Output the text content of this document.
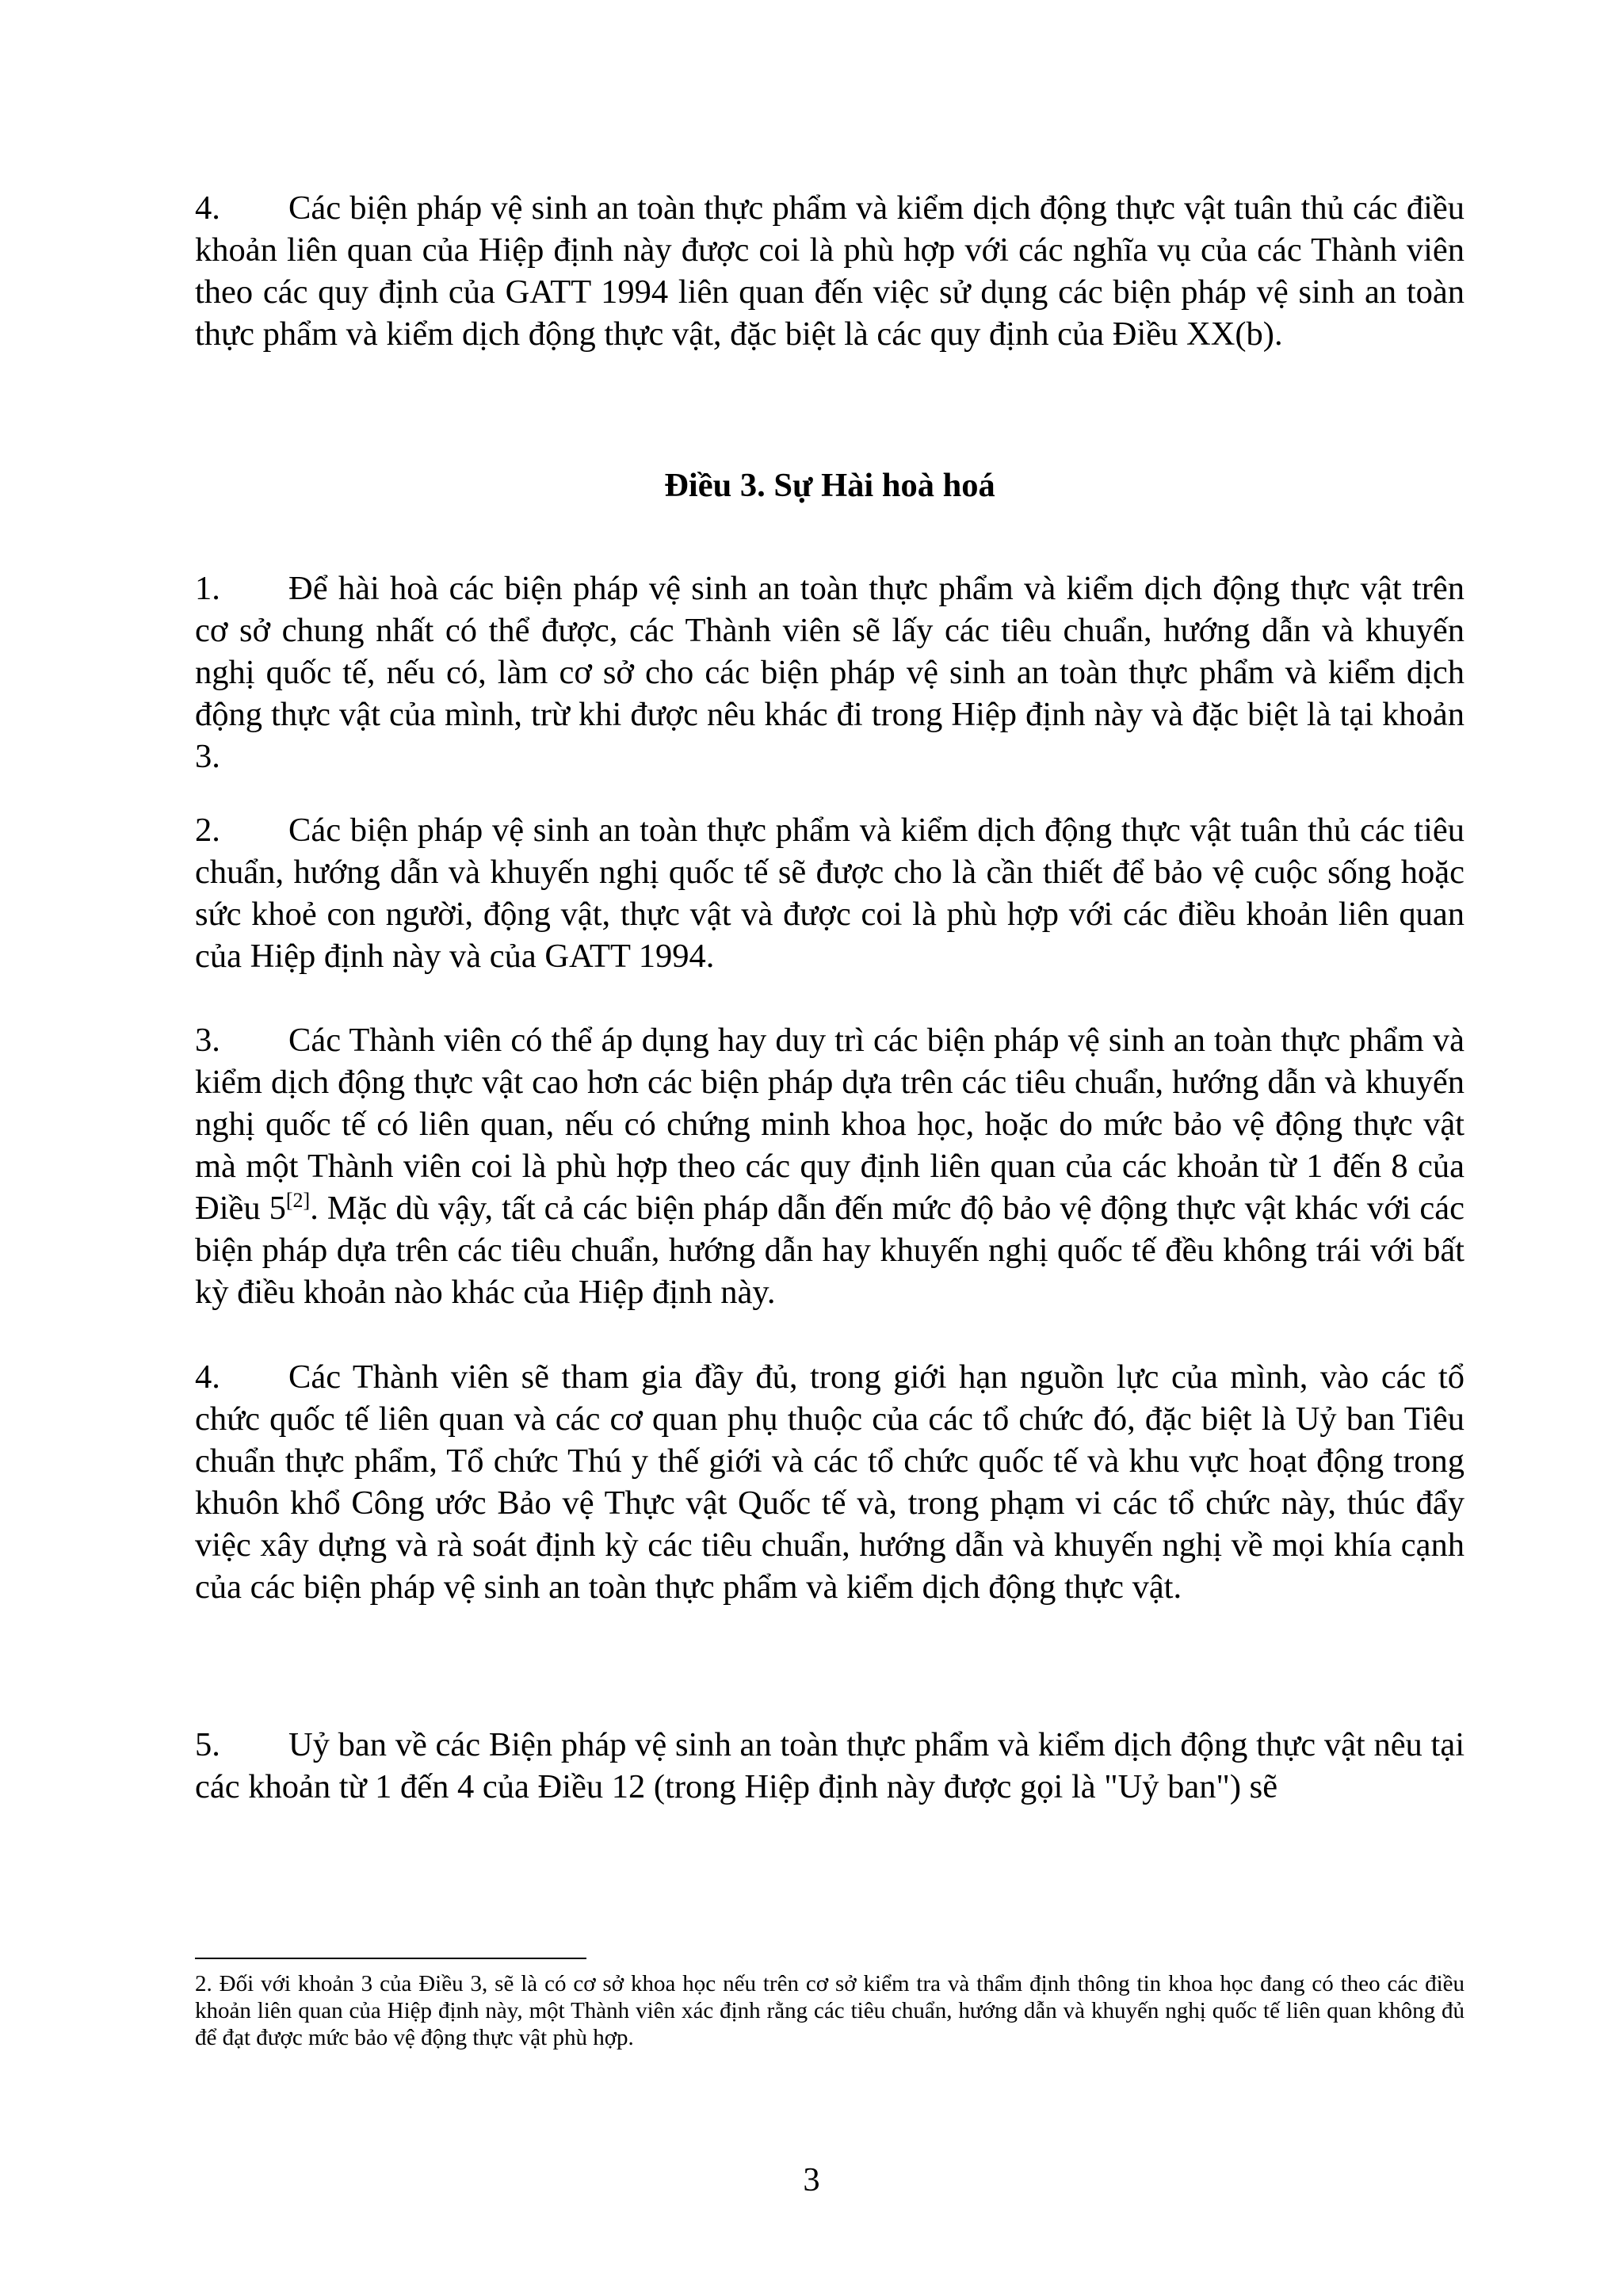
4. Các biện pháp vệ sinh an toàn thực phẩm và kiểm dịch động thực vật tuân thủ các điều khoản liên quan của Hiệp định này được coi là phù hợp với các nghĩa vụ của các Thành viên theo các quy định của GATT 1994 liên quan đến việc sử dụng các biện pháp vệ sinh an toàn thực phẩm và kiểm dịch động thực vật, đặc biệt là các quy định của Điều XX(b).

Điều 3. Sự Hài hoà hoá

1. Để hài hoà các biện pháp vệ sinh an toàn thực phẩm và kiểm dịch động thực vật trên cơ sở chung nhất có thể được, các Thành viên sẽ lấy các tiêu chuẩn, hướng dẫn và khuyến nghị quốc tế, nếu có, làm cơ sở cho các biện pháp vệ sinh an toàn thực phẩm và kiểm dịch động thực vật của mình, trừ khi được nêu khác đi trong Hiệp định này và đặc biệt là tại khoản 3.

2. Các biện pháp vệ sinh an toàn thực phẩm và kiểm dịch động thực vật tuân thủ các tiêu chuẩn, hướng dẫn và khuyến nghị quốc tế sẽ được cho là cần thiết để bảo vệ cuộc sống hoặc sức khoẻ con người, động vật, thực vật và được coi là phù hợp với các điều khoản liên quan của Hiệp định này và của GATT 1994.

3. Các Thành viên có thể áp dụng hay duy trì các biện pháp vệ sinh an toàn thực phẩm và kiểm dịch động thực vật cao hơn các biện pháp dựa trên các tiêu chuẩn, hướng dẫn và khuyến nghị quốc tế có liên quan, nếu có chứng minh khoa học, hoặc do mức bảo vệ động thực vật mà một Thành viên coi là phù hợp theo các quy định liên quan của các khoản từ 1 đến 8 của Điều 5[2]. Mặc dù vậy, tất cả các biện pháp dẫn đến mức độ bảo vệ động thực vật khác với các biện pháp dựa trên các tiêu chuẩn, hướng dẫn hay khuyến nghị quốc tế đều không trái với bất kỳ điều khoản nào khác của Hiệp định này.

4. Các Thành viên sẽ tham gia đầy đủ, trong giới hạn nguồn lực của mình, vào các tổ chức quốc tế liên quan và các cơ quan phụ thuộc của các tổ chức đó, đặc biệt là Uỷ ban Tiêu chuẩn thực phẩm, Tổ chức Thú y thế giới và các tổ chức quốc tế và khu vực hoạt động trong khuôn khổ Công ước Bảo vệ Thực vật Quốc tế và, trong phạm vi các tổ chức này, thúc đẩy việc xây dựng và rà soát định kỳ các tiêu chuẩn, hướng dẫn và khuyến nghị về mọi khía cạnh của các biện pháp vệ sinh an toàn thực phẩm và kiểm dịch động thực vật.

5. Uỷ ban về các Biện pháp vệ sinh an toàn thực phẩm và kiểm dịch động thực vật nêu tại các khoản từ 1 đến 4 của Điều 12 (trong Hiệp định này được gọi là "Uỷ ban") sẽ

2. Đối với khoản 3 của Điều 3, sẽ là có cơ sở khoa học nếu trên cơ sở kiểm tra và thẩm định thông tin khoa học đang có theo các điều khoản liên quan của Hiệp định này, một Thành viên xác định rằng các tiêu chuẩn, hướng dẫn và khuyến nghị quốc tế liên quan không đủ để đạt được mức bảo vệ động thực vật phù hợp.

3
